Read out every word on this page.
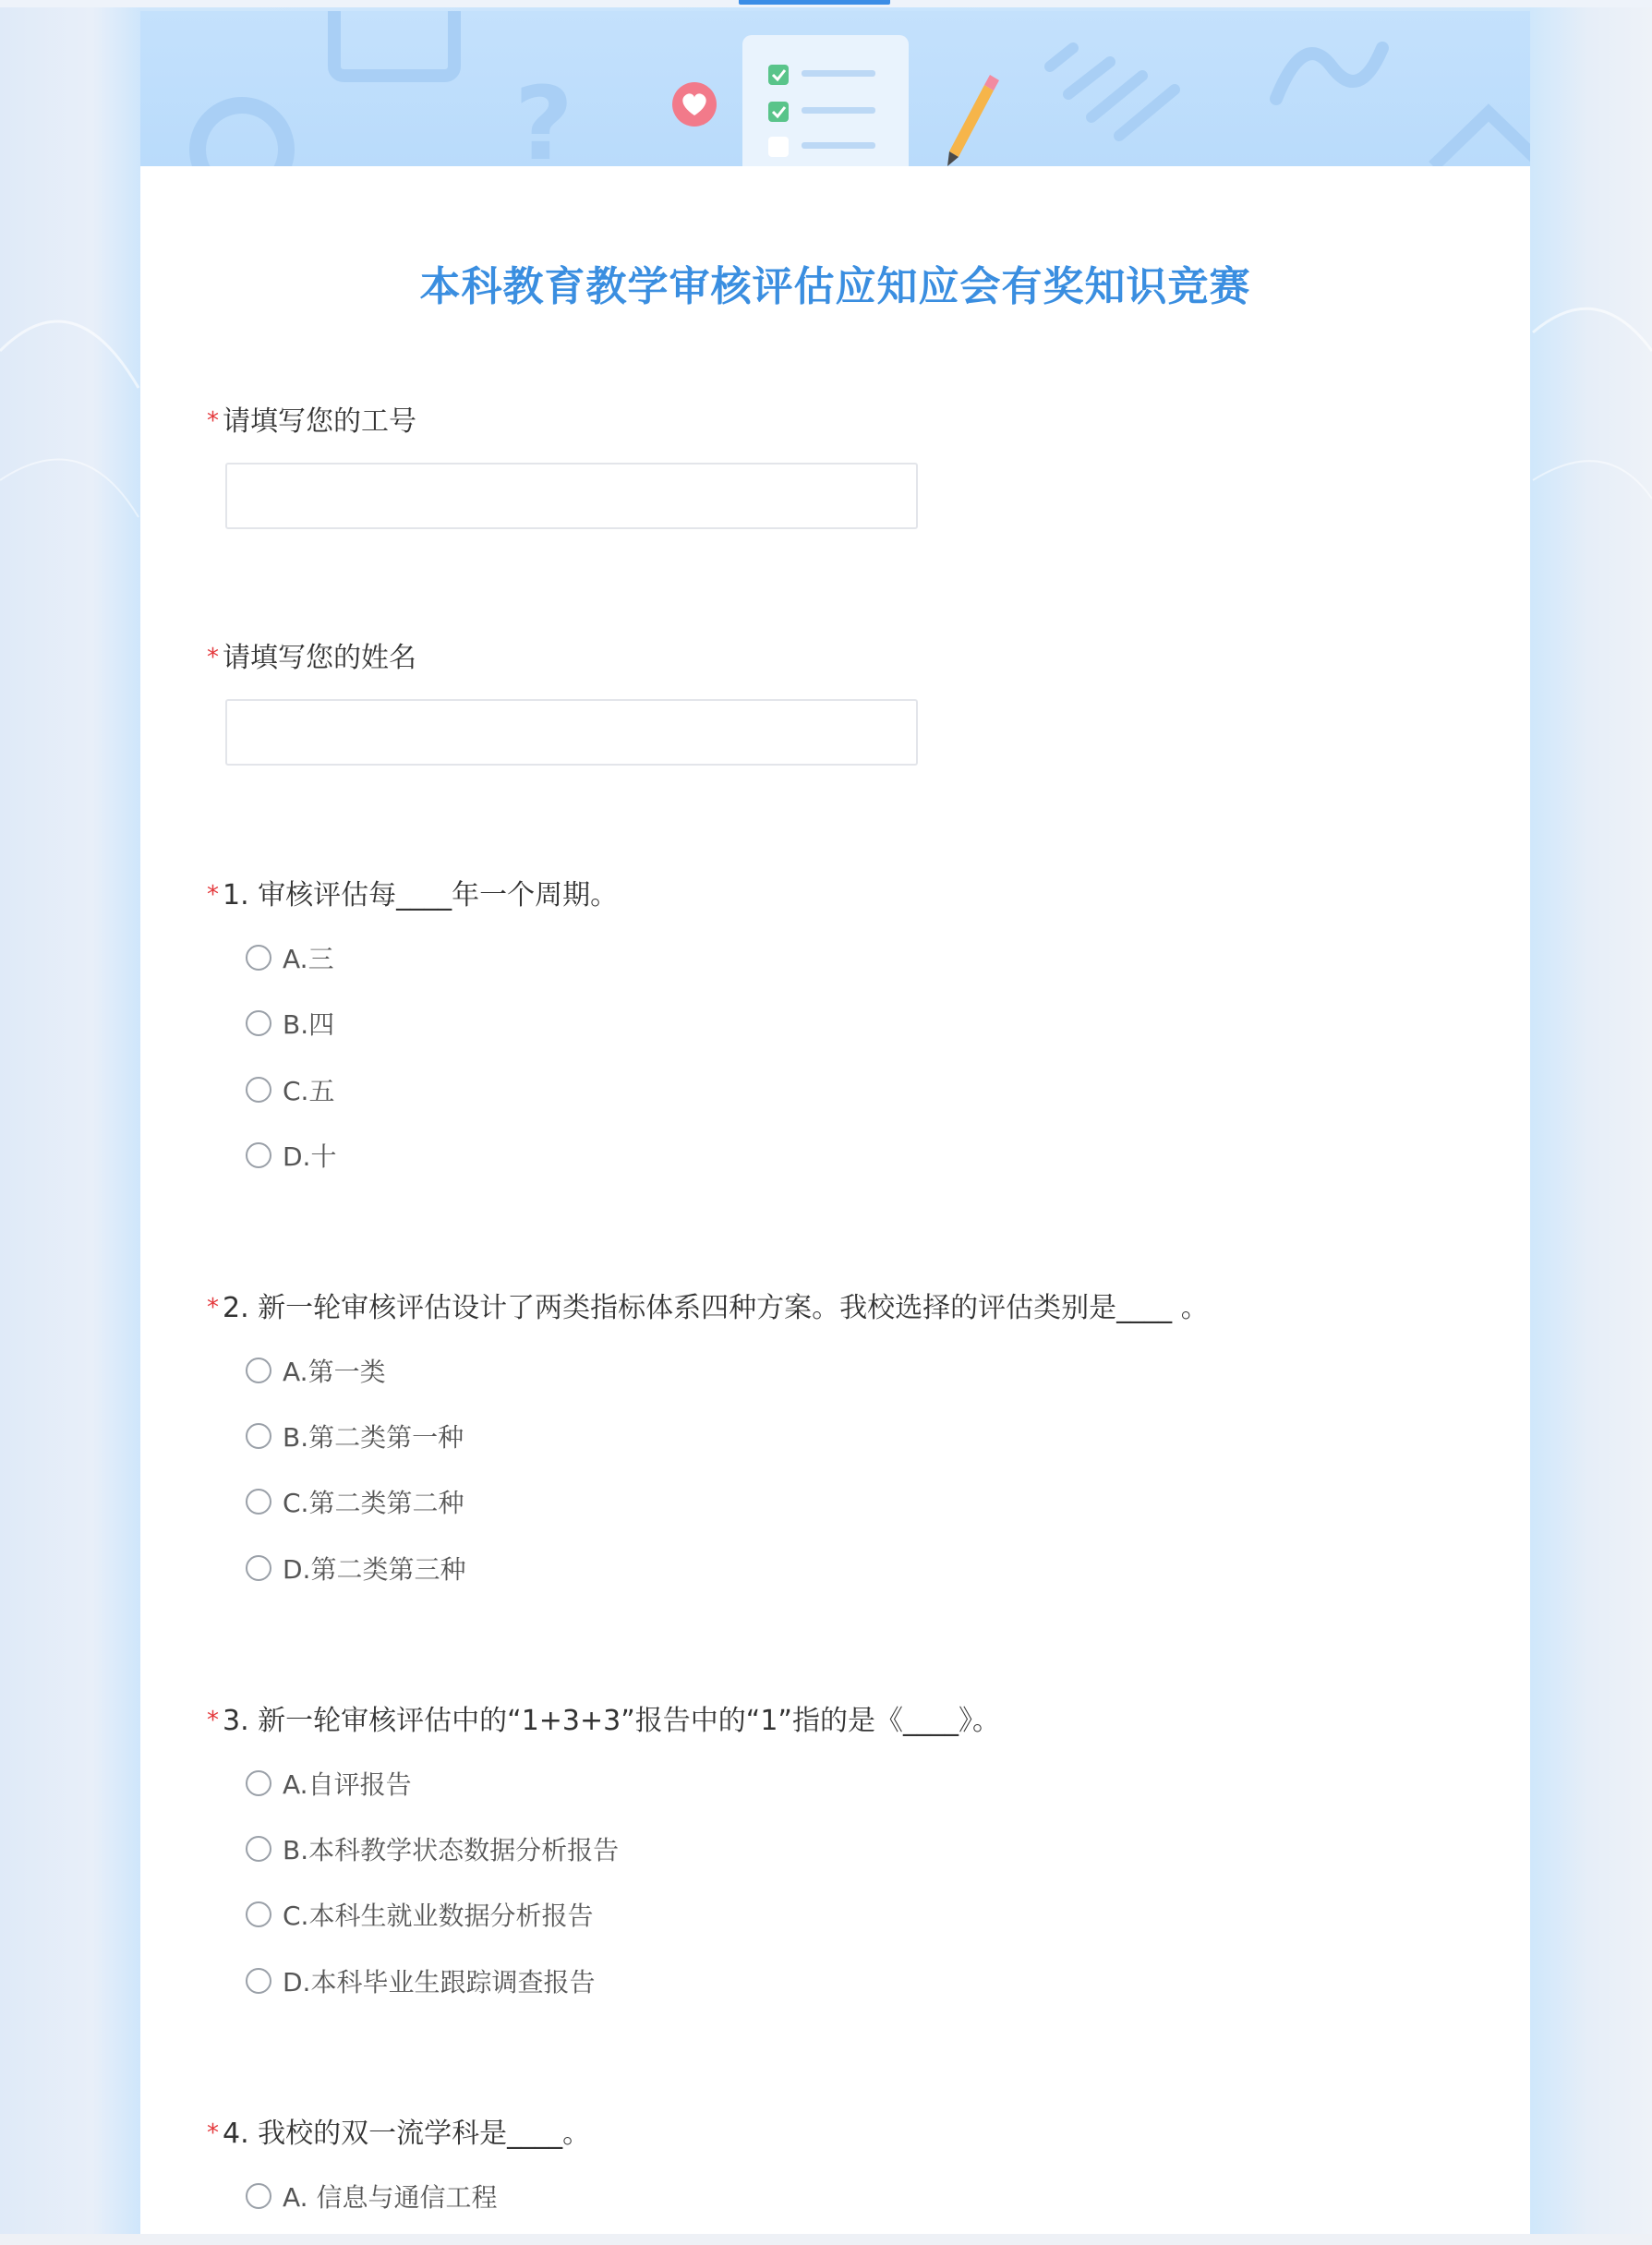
?
本科教育教学审核评估应知应会有奖知识竞赛
* 请填写您的工号
* 请填写您的姓名
* 1. 审核评估每____年一个周期。
A.三
B.四
C.五
D.十
* 2. 新一轮审核评估设计了两类指标体系四种方案。我校选择的评估类别是____ 。
A.第一类
B.第二类第一种
C.第二类第二种
D.第二类第三种
* 3. 新一轮审核评估中的“1+3+3”报告中的“1”指的是《____》。
A.自评报告
B.本科教学状态数据分析报告
C.本科生就业数据分析报告
D.本科毕业生跟踪调查报告
* 4. 我校的双一流学科是____。
A. 信息与通信工程
